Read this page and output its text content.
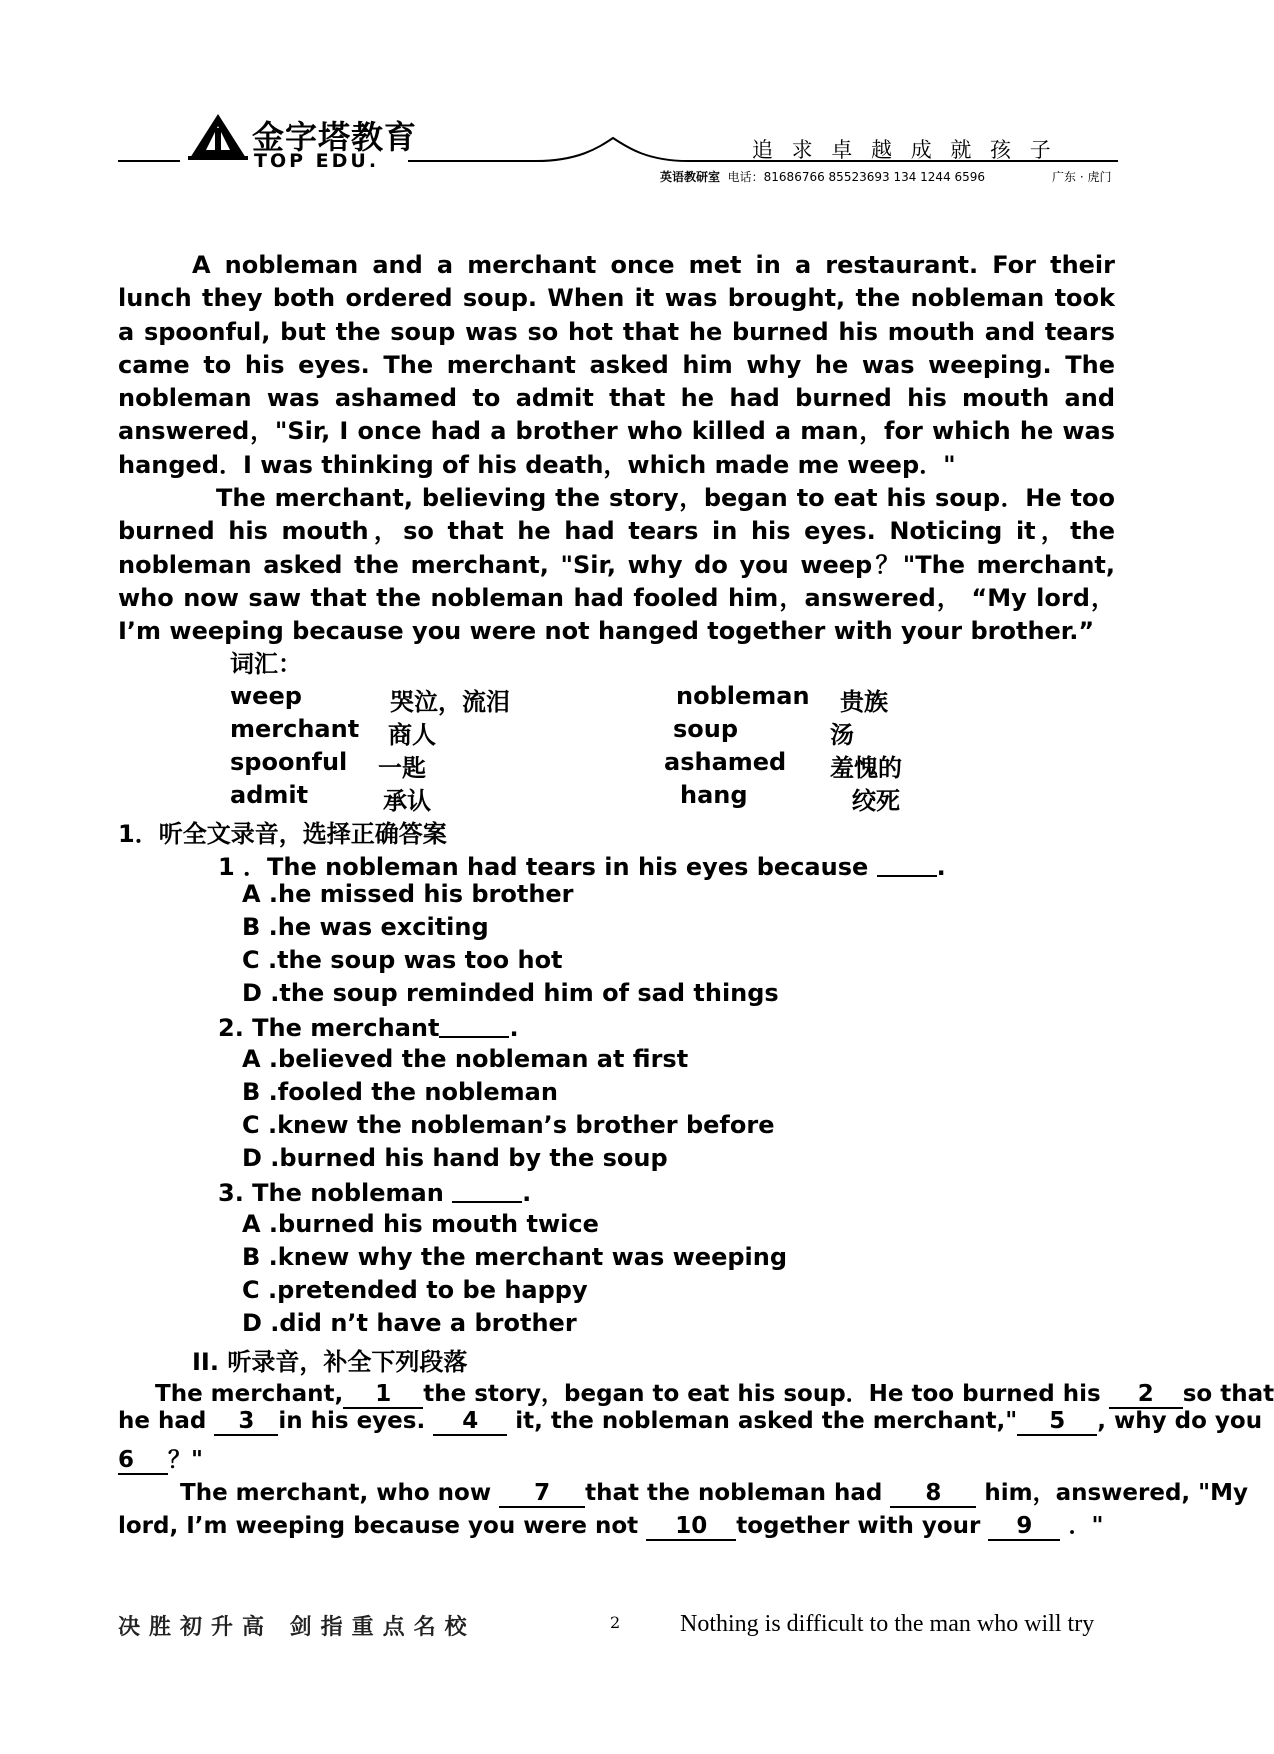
金字塔教育
TOP EDU.	追 求 卓 越 成 就 孩 子
英语教研室 电话：81686766 85523693 134 1244 6596	广东 · 虎门

A nobleman and a merchant once met in a restaurant. For their lunch they both ordered soup. When it was brought, the nobleman took a spoonful, but the soup was so hot that he burned his mouth and tears came to his eyes. The merchant asked him why he was weeping. The nobleman was ashamed to admit that he had burned his mouth and answered，"Sir, I once had a brother who killed a man，for which he was hanged．I was thinking of his death，which made me weep．"

The merchant, believing the story，began to eat his soup．He too burned his mouth，so that he had tears in his eyes. Noticing it，the nobleman asked the merchant, "Sir, why do you weep？"The merchant, who now saw that the nobleman had fooled him，answered， “My lord，I’m weeping because you were not hanged together with your brother.”

词汇：
weep	哭泣，流泪	nobleman 贵族
merchant 商人	soup	汤
spoonful 一匙	ashamed 羞愧的
admit	承认	hang	绞死
1．听全文录音，选择正确答案
1 ．The nobleman had tears in his eyes because	.
A .he missed his brother
B .he was exciting
C .the soup was too hot
D .the soup reminded him of sad things
2. The merchant	.
A .believed the nobleman at first
B .fooled the nobleman
C .knew the nobleman’s brother before
D .burned his hand by the soup
3. The nobleman	.
A .burned his mouth twice
B .knew why the merchant was weeping
C .pretended to be happy
D .did n’t have a brother
II. 听录音，补全下列段落
The merchant, 1 the story，began to eat his soup．He too burned his 2 so that
he had 3 in his eyes. 4 it, the nobleman asked the merchant," 5 , why do you
6 ？"
The merchant, who now 7 that the nobleman had 8 him，answered, "My
lord, I’m weeping because you were not 10 together with your 9 ．"
决胜初升高 剑指重点名校	2 Nothing is difficult to the man who will try
